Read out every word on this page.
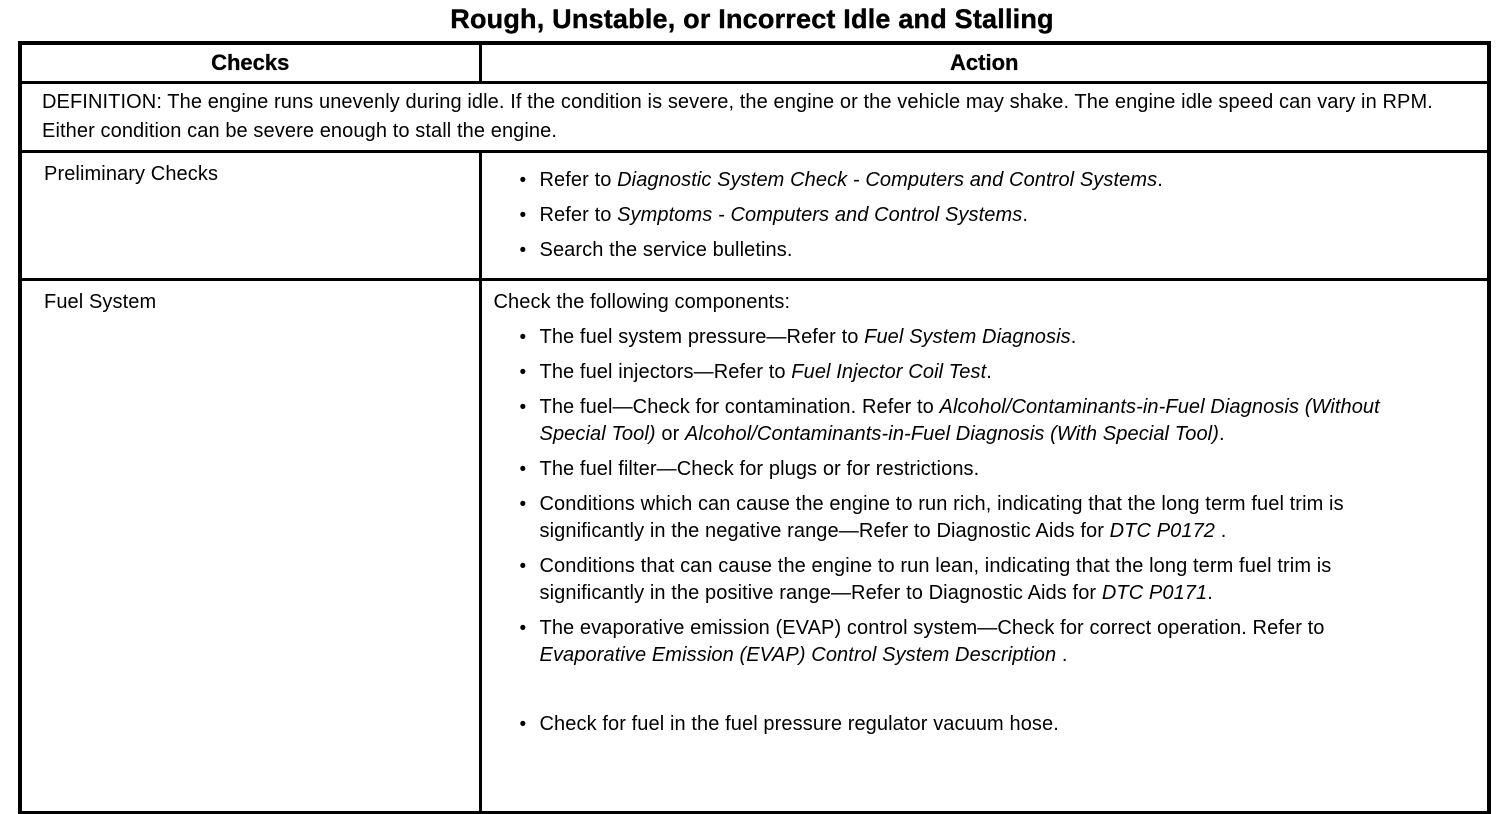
Rough, Unstable, or Incorrect Idle and Stalling
Checks	Action
DEFINITION: The engine runs unevenly during idle. If the condition is severe, the engine or the vehicle may shake. The engine idle speed can vary in RPM. Either condition can be severe enough to stall the engine.	
Preliminary Checks	• Refer to Diagnostic System Check - Computers and Control Systems.
• Refer to Symptoms - Computers and Control Systems.
• Search the service bulletins.

Fuel System	Check the following components:
• The fuel system pressure—Refer to Fuel System Diagnosis.
• The fuel injectors—Refer to Fuel Injector Coil Test.
• The fuel—Check for contamination. Refer to Alcohol/Contaminants-in-Fuel Diagnosis (Without Special Tool) or Alcohol/Contaminants-in-Fuel Diagnosis (With Special Tool).
• The fuel filter—Check for plugs or for restrictions.
• Conditions which can cause the engine to run rich, indicating that the long term fuel trim is significantly in the negative range—Refer to Diagnostic Aids for DTC P0172 .
• Conditions that can cause the engine to run lean, indicating that the long term fuel trim is significantly in the positive range—Refer to Diagnostic Aids for DTC P0171.
• The evaporative emission (EVAP) control system—Check for correct operation. Refer to Evaporative Emission (EVAP) Control System Description .
• Check for fuel in the fuel pressure regulator vacuum hose.
